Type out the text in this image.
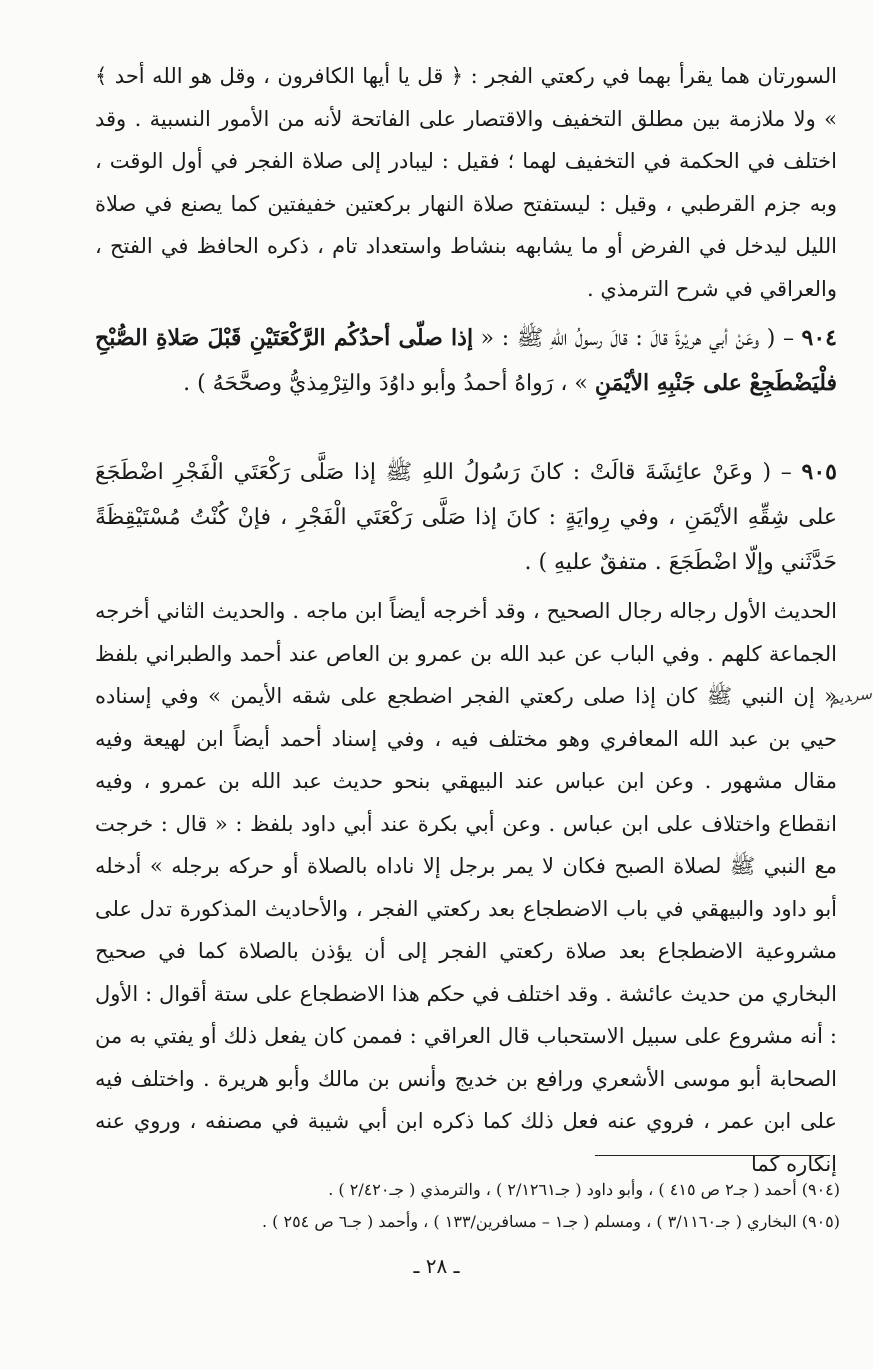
السورتان هما يقرأ بهما في ركعتي الفجر : ﴿ قل يا أيها الكافرون ، وقل هو الله أحد ﴾ » ولا ملازمة بين مطلق التخفيف والاقتصار على الفاتحة لأنه من الأمور النسبية . وقد اختلف في الحكمة في التخفيف لهما ؛ فقيل : ليبادر إلى صلاة الفجر في أول الوقت ، وبه جزم القرطبي ، وقيل : ليستفتح صلاة النهار بركعتين خفيفتين كما يصنع في صلاة الليل ليدخل في الفرض أو ما يشابهه بنشاط واستعداد تام ، ذكره الحافظ في الفتح ، والعراقي في شرح الترمذي .

٩٠٤ – ( وعَنْ أبي هريْرةَ قالَ : قالَ رسولُ اللهِ ﷺ : « إذا صلّى أحدُكُم الرَّكْعَتَيْنِ قَبْلَ صَلاةِ الصُّبْحِ فلْيَضْطَجِعْ على جَنْبِهِ الأيْمَنِ » ، رَواهُ أحمدُ وأبو داوُدَ والتِرْمِذيُّ وصحَّحَهُ ) .

٩٠٥ – ( وعَنْ عائِشَةَ قالَتْ : كانَ رَسُولُ اللهِ ﷺ إذا صَلَّى رَكْعَتَي الْفَجْرِ اضْطَجَعَ على شِقِّهِ الأيْمَنِ ، وفي رِوايَةٍ : كانَ إذا صَلَّى رَكْعَتَي الْفَجْرِ ، فإنْ كُنْتُ مُسْتَيْقِظَةً حَدَّثَني وإلّا اضْطَجَعَ . متفقٌ عليهِ ) .

الحديث الأول رجاله رجال الصحيح ، وقد أخرجه أيضاً ابن ماجه . والحديث الثاني أخرجه الجماعة كلهم . وفي الباب عن عبد الله بن عمرو بن العاص عند أحمد والطبراني بلفظ « إن النبي ﷺ كان إذا صلى ركعتي الفجر اضطجع على شقه الأيمن » وفي إسناده حيي بن عبد الله المعافري وهو مختلف فيه ، وفي إسناد أحمد أيضاً ابن لهيعة وفيه مقال مشهور . وعن ابن عباس عند البيهقي بنحو حديث عبد الله بن عمرو ، وفيه انقطاع واختلاف على ابن عباس . وعن أبي بكرة عند أبي داود بلفظ : « قال : خرجت مع النبي ﷺ لصلاة الصبح فكان لا يمر برجل إلا ناداه بالصلاة أو حركه برجله » أدخله أبو داود والبيهقي في باب الاضطجاع بعد ركعتي الفجر ، والأحاديث المذكورة تدل على مشروعية الاضطجاع بعد صلاة ركعتي الفجر إلى أن يؤذن بالصلاة كما في صحيح البخاري من حديث عائشة . وقد اختلف في حكم هذا الاضطجاع على ستة أقوال : الأول : أنه مشروع على سبيل الاستحباب قال العراقي : فممن كان يفعل ذلك أو يفتي به من الصحابة أبو موسى الأشعري ورافع بن خديج وأنس بن مالك وأبو هريرة . واختلف فيه على ابن عمر ، فروي عنه فعل ذلك كما ذكره ابن أبي شيبة في مصنفه ، وروي عنه إنكاره كما

سر‍ديم
(٩٠٤) أحمد ( جـ٢ ص ٤١٥ ) ، وأبو داود ( جـ٢/١٢٦١ ) ، والترمذي ( جـ٢/٤٢٠ ) .
(٩٠٥) البخاري ( جـ٣/١١٦٠ ) ، ومسلم ( جـ١ – مسافرين/١٣٣ ) ، وأحمد ( جـ٦ ص ٢٥٤ ) .
ـ ٢٨ ـ
